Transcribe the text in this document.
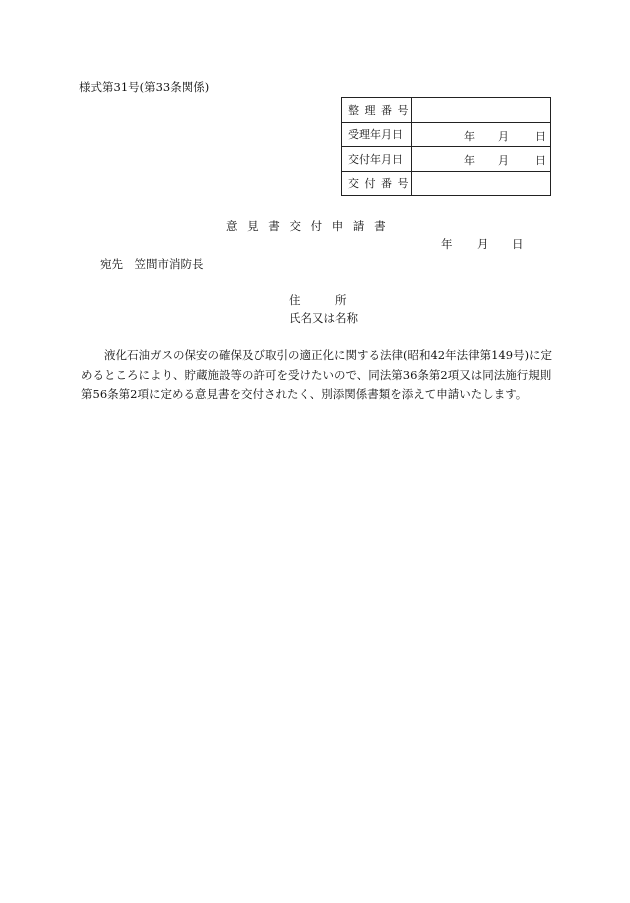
様式第31号(第33条関係)
整 理 番 号	
受理年月日	年 月 日

交付年月日	年 月 日

交 付 番 号	
意 見 書 交 付 申 請 書
年 月 日
宛先　笠間市消防長
住　　　所
氏名又は名称

液化石油ガスの保安の確保及び取引の適正化に関する法律(昭和42年法律第149号)に定めるところにより、貯蔵施設等の許可を受けたいので、同法第36条第2項又は同法施行規則第56条第2項に定める意見書を交付されたく、別添関係書類を添えて申請いたします。
